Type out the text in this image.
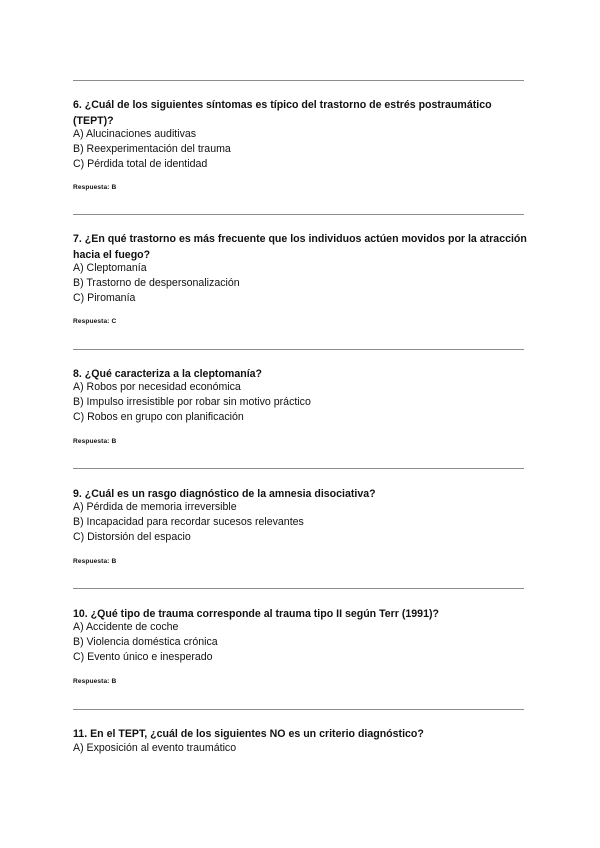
6. ¿Cuál de los siguientes síntomas es típico del trastorno de estrés postraumático (TEPT)?

A) Alucinaciones auditivas
B) Reexperimentación del trauma
C) Pérdida total de identidad
Respuesta: B

7. ¿En qué trastorno es más frecuente que los individuos actúen movidos por la atracción hacia el fuego?

A) Cleptomanía
B) Trastorno de despersonalización
C) Piromanía
Respuesta: C

8. ¿Qué caracteriza a la cleptomanía?

A) Robos por necesidad económica
B) Impulso irresistible por robar sin motivo práctico
C) Robos en grupo con planificación
Respuesta: B

9. ¿Cuál es un rasgo diagnóstico de la amnesia disociativa?

A) Pérdida de memoria irreversible
B) Incapacidad para recordar sucesos relevantes
C) Distorsión del espacio
Respuesta: B

10. ¿Qué tipo de trauma corresponde al trauma tipo II según Terr (1991)?

A) Accidente de coche
B) Violencia doméstica crónica
C) Evento único e inesperado
Respuesta: B

11. En el TEPT, ¿cuál de los siguientes NO es un criterio diagnóstico?

A) Exposición al evento traumático
